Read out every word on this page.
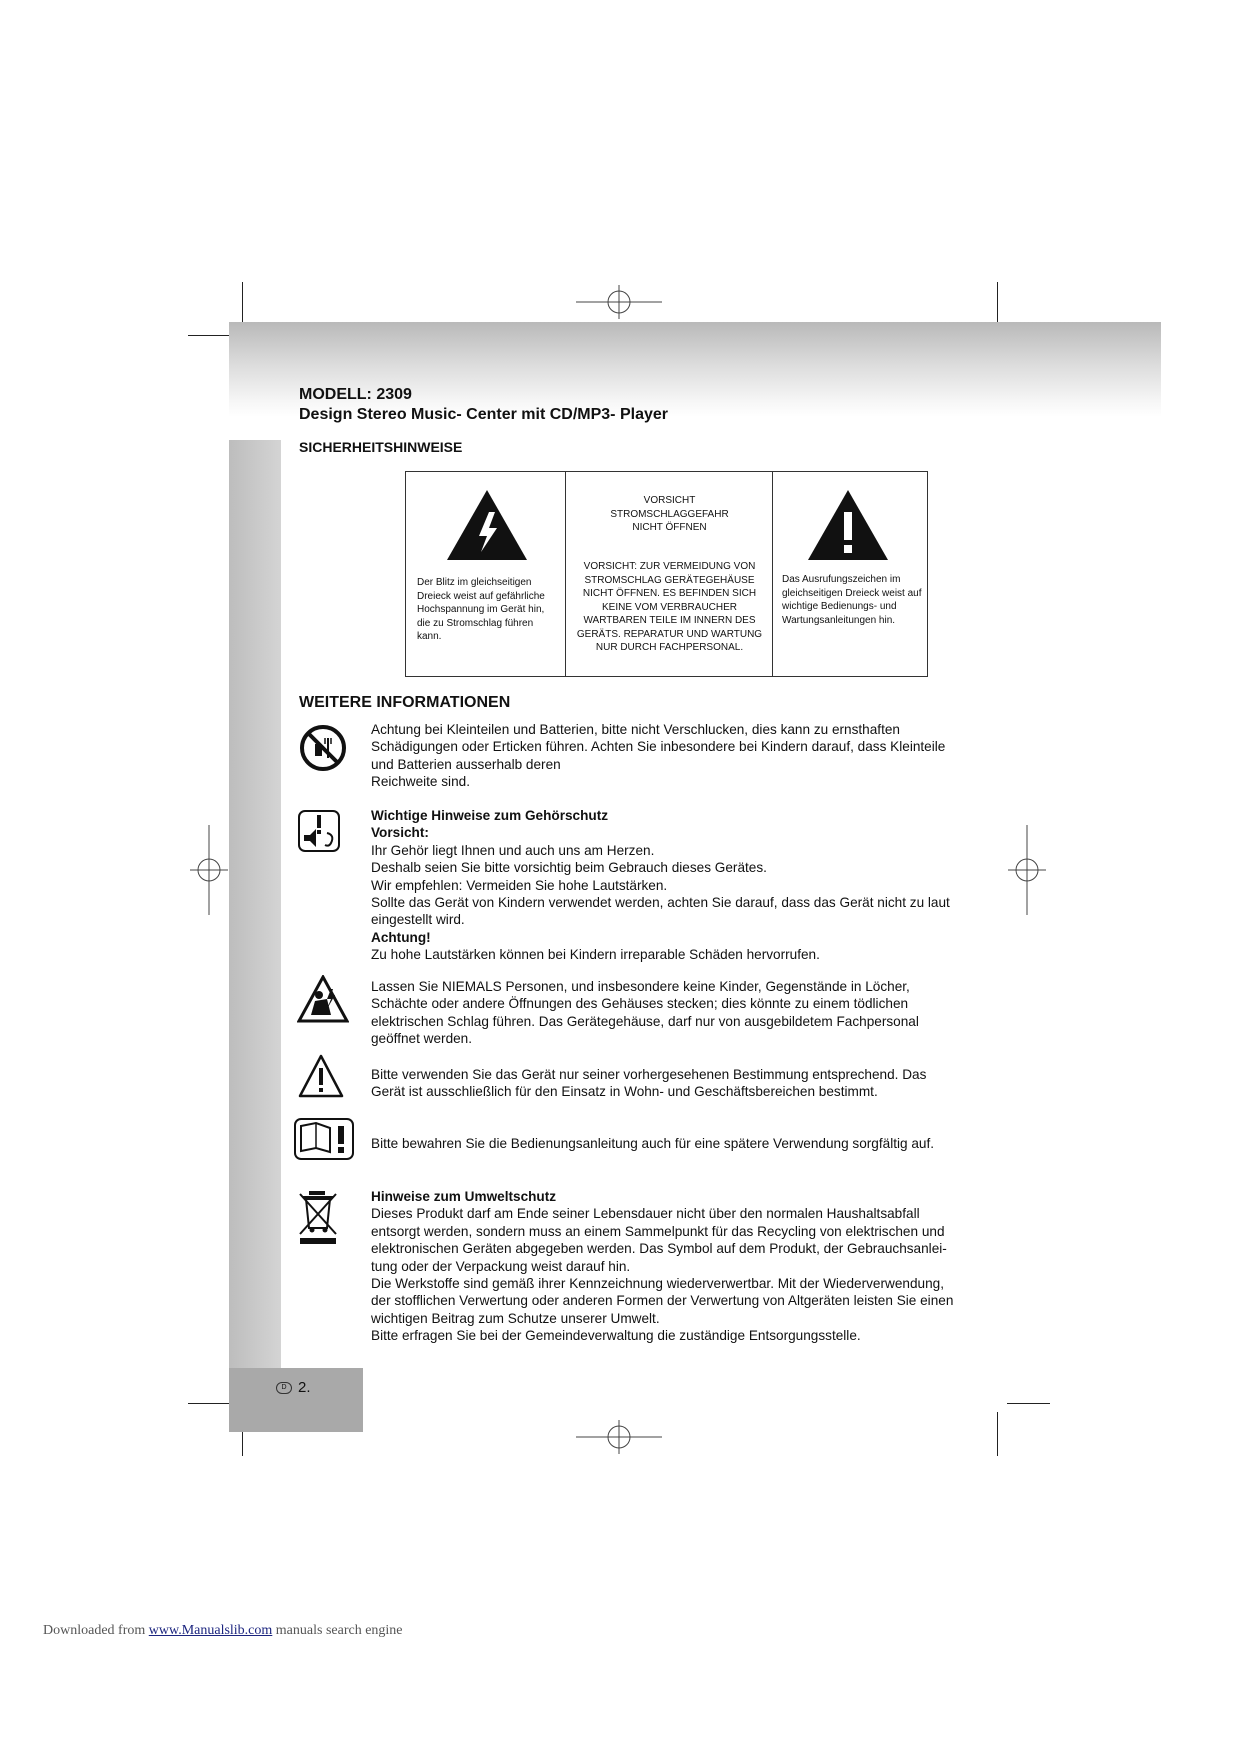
MODELL: 2309
Design Stereo Music- Center mit CD/MP3- Player
SICHERHEITSHINWEISE
Der Blitz im gleichseitigen Dreieck weist auf gefährliche Hochspannung im Gerät hin, die zu Stromschlag führen kann.
VORSICHT
STROMSCHLAGGEFAHR
NICHT ÖFFNEN
VORSICHT: ZUR VERMEIDUNG VON STROMSCHLAG GERÄTEGEHÄUSE NICHT ÖFFNEN. ES BEFINDEN SICH KEINE VOM VERBRAUCHER WARTBAREN TEILE IM INNERN DES GERÄTS. REPARATUR UND WARTUNG NUR DURCH FACHPERSONAL.
Das Ausrufungszeichen im gleichseitigen Dreieck weist auf wichtige Bedienungs- und Wartungsanleitungen hin.
WEITERE INFORMATIONEN
Achtung bei Kleinteilen und Batterien, bitte nicht Verschlucken, dies kann zu ernsthaften
Schädigungen oder Erticken führen. Achten Sie inbesondere bei Kindern darauf, dass Kleinteile
und Batterien ausserhalb deren
Reichweite sind.
Wichtige Hinweise zum Gehörschutz
Vorsicht:
Ihr Gehör liegt Ihnen und auch uns am Herzen.
Deshalb seien Sie bitte vorsichtig beim Gebrauch dieses Gerätes.
Wir empfehlen: Vermeiden Sie hohe Lautstärken.
Sollte das Gerät von Kindern verwendet werden, achten Sie darauf, dass das Gerät nicht zu laut
eingestellt wird.
Achtung!
Zu hohe Lautstärken können bei Kindern irreparable Schäden hervorrufen.
Lassen Sie NIEMALS Personen, und insbesondere keine Kinder, Gegenstände in Löcher,
Schächte oder andere Öffnungen des Gehäuses stecken; dies könnte zu einem tödlichen
elektrischen Schlag führen. Das Gerätegehäuse, darf nur von ausgebildetem Fachpersonal
geöffnet werden.
Bitte verwenden Sie das Gerät nur seiner vorhergesehenen Bestimmung entsprechend. Das
Gerät ist ausschließlich für den Einsatz in Wohn- und Geschäftsbereichen bestimmt.
Bitte bewahren Sie die Bedienungsanleitung auch für eine spätere Verwendung sorgfältig auf.
Hinweise zum Umweltschutz
Dieses Produkt darf am Ende seiner Lebensdauer nicht über den normalen Haushaltsabfall
entsorgt werden, sondern muss an einem Sammelpunkt für das Recycling von elektrischen und
elektronischen Geräten abgegeben werden. Das Symbol auf dem Produkt, der Gebrauchsanlei-
tung oder der Verpackung weist darauf hin.
Die Werkstoffe sind gemäß ihrer Kennzeichnung wiederverwertbar. Mit der Wiederverwendung,
der stofflichen Verwertung oder anderen Formen der Verwertung von Altgeräten leisten Sie einen
wichtigen Beitrag zum Schutze unserer Umwelt.
Bitte erfragen Sie bei der Gemeindeverwaltung die zuständige Entsorgungsstelle.
D 2.
Downloaded from www.Manualslib.com manuals search engine
